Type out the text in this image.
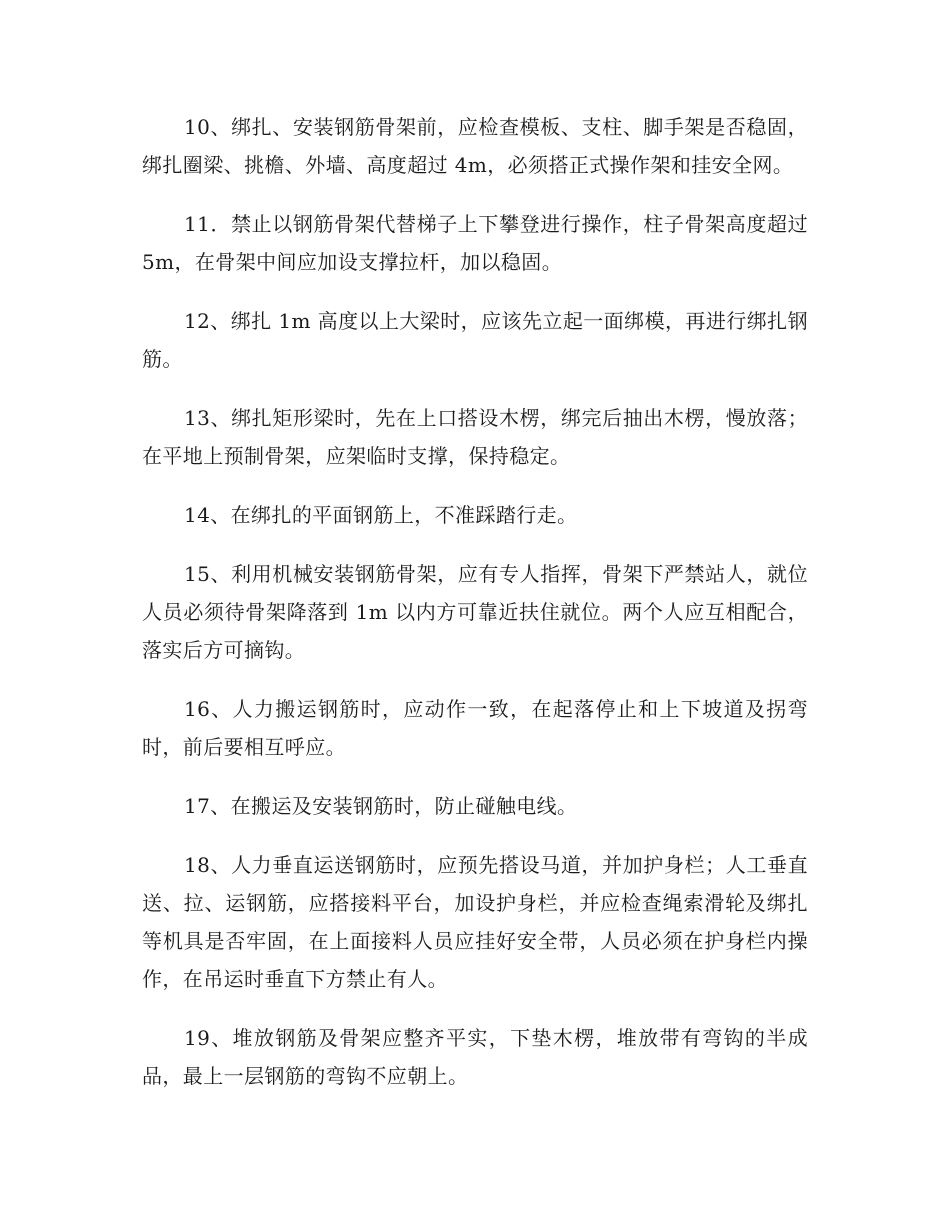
10、绑扎、安装钢筋骨架前，应检查模板、支柱、脚手架是否稳固，绑扎圈梁、挑檐、外墙、高度超过 4m，必须搭正式操作架和挂安全网。

11．禁止以钢筋骨架代替梯子上下攀登进行操作，柱子骨架高度超过 5m，在骨架中间应加设支撑拉杆，加以稳固。

12、绑扎 1m 高度以上大梁时，应该先立起一面绑模，再进行绑扎钢筋。

13、绑扎矩形梁时，先在上口搭设木楞，绑完后抽出木楞，慢放落；在平地上预制骨架，应架临时支撑，保持稳定。

14、在绑扎的平面钢筋上，不准踩踏行走。

15、利用机械安装钢筋骨架，应有专人指挥，骨架下严禁站人，就位人员必须待骨架降落到 1m 以内方可靠近扶住就位。两个人应互相配合，落实后方可摘钩。

16、人力搬运钢筋时，应动作一致，在起落停止和上下坡道及拐弯时，前后要相互呼应。

17、在搬运及安装钢筋时，防止碰触电线。

18、人力垂直运送钢筋时，应预先搭设马道，并加护身栏；人工垂直送、拉、运钢筋，应搭接料平台，加设护身栏，并应检查绳索滑轮及绑扎等机具是否牢固，在上面接料人员应挂好安全带，人员必须在护身栏内操作，在吊运时垂直下方禁止有人。

19、堆放钢筋及骨架应整齐平实，下垫木楞，堆放带有弯钩的半成品，最上一层钢筋的弯钩不应朝上。
